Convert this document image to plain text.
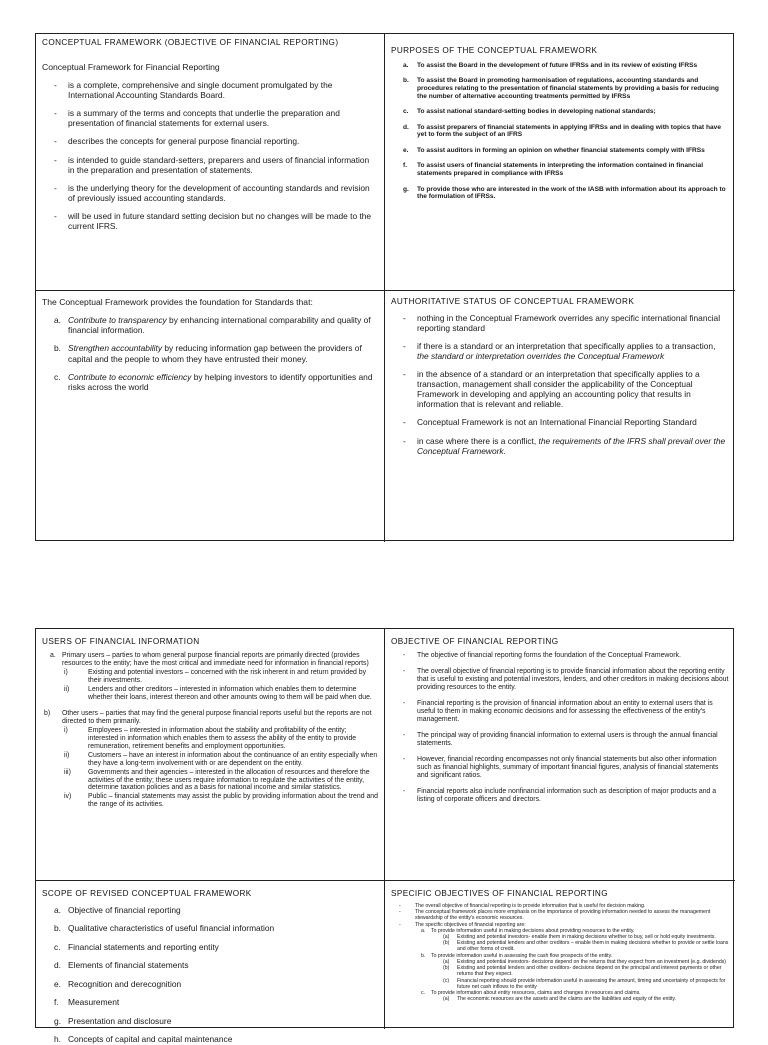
CONCEPTUAL FRAMEWORK (OBJECTIVE OF FINANCIAL REPORTING)
Conceptual Framework for Financial Reporting
- is a complete, comprehensive and single document promulgated by the International Accounting Standards Board.
- is a summary of the terms and concepts that underlie the preparation and presentation of financial statements for external users.
- describes the concepts for general purpose financial reporting.
- is intended to guide standard-setters, preparers and users of financial information in the preparation and presentation of statements.
- is the underlying theory for the development of accounting standards and revision of previously issued accounting standards.
- will be used in future standard setting decision but no changes will be made to the current IFRS.
PURPOSES OF THE CONCEPTUAL FRAMEWORK
a. To assist the Board in the development of future IFRSs and in its review of existing IFRSs
b. To assist the Board in promoting harmonisation of regulations, accounting standards and procedures relating to the presentation of financial statements by providing a basis for reducing the number of alternative accounting treatments permitted by IFRSs
c. To assist national standard-setting bodies in developing national standards;
d. To assist preparers of financial statements in applying IFRSs and in dealing with topics that have yet to form the subject of an IFRS
e. To assist auditors in forming an opinion on whether financial statements comply with IFRSs
f. To assist users of financial statements in interpreting the information contained in financial statements prepared in compliance with IFRSs
g. To provide those who are interested in the work of the IASB with information about its approach to the formulation of IFRSs.
The Conceptual Framework provides the foundation for Standards that:
a. Contribute to transparency by enhancing international comparability and quality of financial information.
b. Strengthen accountability by reducing information gap between the providers of capital and the people to whom they have entrusted their money.
c. Contribute to economic efficiency by helping investors to identify opportunities and risks across the world
AUTHORITATIVE STATUS OF CONCEPTUAL FRAMEWORK
- nothing in the Conceptual Framework overrides any specific international financial reporting standard
- if there is a standard or an interpretation that specifically applies to a transaction, the standard or interpretation overrides the Conceptual Framework
- in the absence of a standard or an interpretation that specifically applies to a transaction, management shall consider the applicability of the Conceptual Framework in developing and applying an accounting policy that results in information that is relevant and reliable.
- Conceptual Framework is not an International Financial Reporting Standard
- in case where there is a conflict, the requirements of the IFRS shall prevail over the Conceptual Framework.
USERS OF FINANCIAL INFORMATION
a. Primary users – parties to whom general purpose financial reports are primarily directed (provides resources to the entity; have the most critical and immediate need for information in financial reports)
i)	Existing and potential investors – concerned with the risk inherent in and return provided by their investments.
ii)	Lenders and other creditors – interested in information which enables them to determine whether their loans, interest thereon and other amounts owing to them will be paid when due.
b) Other users – parties that may find the general purpose financial reports useful but the reports are not directed to them primarily.
i)	Employees – interested in information about the stability and profitability of the entity; interested in information which enables them to assess the ability of the entity to provide remuneration, retirement benefits and employment opportunities.
ii)	Customers – have an interest in information about the continuance of an entity especially when they have a long-term involvement with or are dependent on the entity.
iii) Governments and their agencies – interested in the allocation of resources and therefore the activities of the entity; these users require information to regulate the activities of the entity, determine taxation policies and as a basis for national income and similar statistics.
iv) Public – financial statements may assist the public by providing information about the trend and the range of its activities.
OBJECTIVE OF FINANCIAL REPORTING
- The objective of financial reporting forms the foundation of the Conceptual Framework.
- The overall objective of financial reporting is to provide financial information about the reporting entity that is useful to existing and potential investors, lenders, and other creditors in making decisions about providing resources to the entity.
- Financial reporting is the provision of financial information about an entity to external users that is useful to them in making economic decisions and for assessing the effectiveness of the entity's management.
- The principal way of providing financial information to external users is through the annual financial statements.
- However, financial recording encompasses not only financial statements but also other information such as financial highlights, summary of important financial figures, analysis of financial statements and significant ratios.
- Financial reports also include nonfinancial information such as description of major products and a listing of corporate officers and directors.
SCOPE OF REVISED CONCEPTUAL FRAMEWORK
a. Objective of financial reporting
b. Qualitative characteristics of useful financial information
c. Financial statements and reporting entity
d. Elements of financial statements
e. Recognition and derecognition
f. Measurement
g. Presentation and disclosure
h. Concepts of capital and capital maintenance
SPECIFIC OBJECTIVES OF FINANCIAL REPORTING
-	The overall objective of financial reporting is to provide information that is useful for decision making.
-	The conceptual framework places more emphasis on the importance of providing information needed to assess the management stewardship of the entity's economic resources.
-	The specific objectives of financial reporting are:
a. To provide information useful in making decisions about providing resources to the entity.
(a) Existing and potential investors- enable them in making decisions whether to buy, sell or hold equity investments.
(b) Existing and potential lenders and other creditors – enable them in making decisions whether to provide or settle loans and other forms of credit.
b. To provide information useful in assessing the cash flow prospects of the entity.
(a) Existing and potential investors- decisions depend on the returns that they expect from an investment (e.g. dividends)
(b) Existing and potential lenders and other creditors- decisions depend on the principal and interest payments or other returns that they expect.
(c) Financial reporting should provide information useful in assessing the amount, timing and uncertainty of prospects for future net cash inflows to the entity
c. To provide information about entity resources, claims and changes in resources and claims.
(a) The economic resources are the assets and the claims are the liabilities and equity of the entity.
